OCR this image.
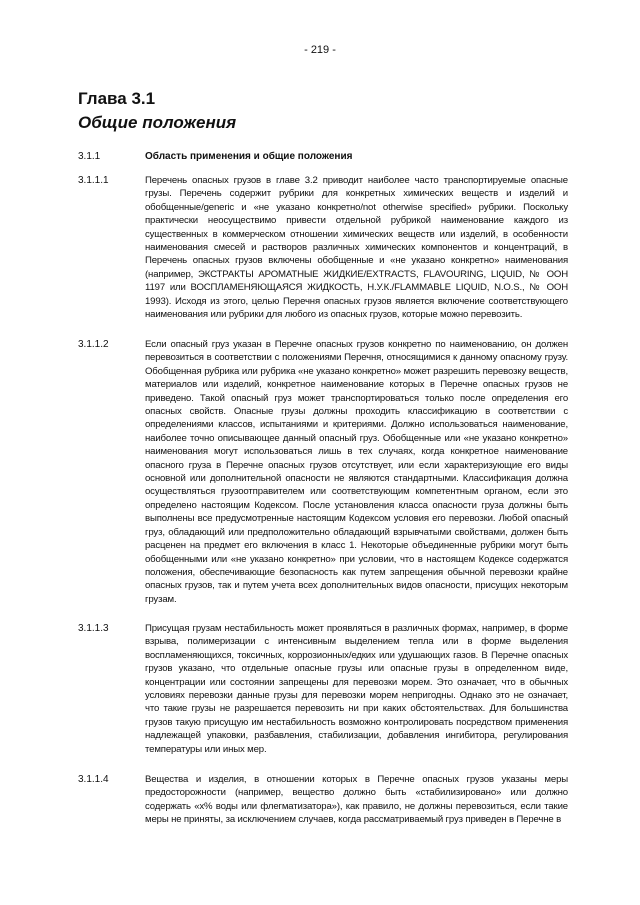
- 219 -
Глава 3.1
Общие положения
3.1.1	Область применения и общие положения
3.1.1.1	Перечень опасных грузов в главе 3.2 приводит наиболее часто транспортируемые опасные грузы. Перечень содержит рубрики для конкретных химических веществ и изделий и обобщенные/generic и «не указано конкретно/not otherwise specified» рубрики. Поскольку практически неосуществимо привести отдельной рубрикой наименование каждого из существенных в коммерческом отношении химических веществ или изделий, в особенности наименования смесей и растворов различных химических компонентов и концентраций, в Перечень опасных грузов включены обобщенные и «не указано конкретно» наименования (например, ЭКСТРАКТЫ АРОМАТНЫЕ ЖИДКИЕ/EXTRACTS, FLAVOURING, LIQUID, № ООН 1197 или ВОСПЛАМЕНЯЮЩАЯСЯ ЖИДКОСТЬ, Н.У.К./FLAMMABLE LIQUID, N.O.S., № ООН 1993). Исходя из этого, целью Перечня опасных грузов является включение соответствующего наименования или рубрики для любого из опасных грузов, которые можно перевозить.
3.1.1.2	Если опасный груз указан в Перечне опасных грузов конкретно по наименованию, он должен перевозиться в соответствии с положениями Перечня, относящимися к данному опасному грузу. Обобщенная рубрика или рубрика «не указано конкретно» может разрешить перевозку веществ, материалов или изделий, конкретное наименование которых в Перечне опасных грузов не приведено. Такой опасный груз может транспортироваться только после определения его опасных свойств. Опасные грузы должны проходить классификацию в соответствии с определениями классов, испытаниями и критериями. Должно использоваться наименование, наиболее точно описывающее данный опасный груз. Обобщенные или «не указано конкретно» наименования могут использоваться лишь в тех случаях, когда конкретное наименование опасного груза в Перечне опасных грузов отсутствует, или если характеризующие его виды основной или дополнительной опасности не являются стандартными. Классификация должна осуществляться грузоотправителем или соответствующим компетентным органом, если это определено настоящим Кодексом. После установления класса опасности груза должны быть выполнены все предусмотренные настоящим Кодексом условия его перевозки. Любой опасный груз, обладающий или предположительно обладающий взрывчатыми свойствами, должен быть расценен на предмет его включения в класс 1. Некоторые объединенные рубрики могут быть обобщенными или «не указано конкретно» при условии, что в настоящем Кодексе содержатся положения, обеспечивающие безопасность как путем запрещения обычной перевозки крайне опасных грузов, так и путем учета всех дополнительных видов опасности, присущих некоторым грузам.
3.1.1.3	Присущая грузам нестабильность может проявляться в различных формах, например, в форме взрыва, полимеризации с интенсивным выделением тепла или в форме выделения воспламеняющихся, токсичных, коррозионных/едких или удушающих газов. В Перечне опасных грузов указано, что отдельные опасные грузы или опасные грузы в определенном виде, концентрации или состоянии запрещены для перевозки морем. Это означает, что в обычных условиях перевозки данные грузы для перевозки морем непригодны. Однако это не означает, что такие грузы не разрешается перевозить ни при каких обстоятельствах. Для большинства грузов такую присущую им нестабильность возможно контролировать посредством применения надлежащей упаковки, разбавления, стабилизации, добавления ингибитора, регулирования температуры или иных мер.
3.1.1.4	Вещества и изделия, в отношении которых в Перечне опасных грузов указаны меры предосторожности (например, вещество должно быть «стабилизировано» или должно содержать «х% воды или флегматизатора»), как правило, не должны перевозиться, если такие меры не приняты, за исключением случаев, когда рассматриваемый груз приведен в Перечне в
